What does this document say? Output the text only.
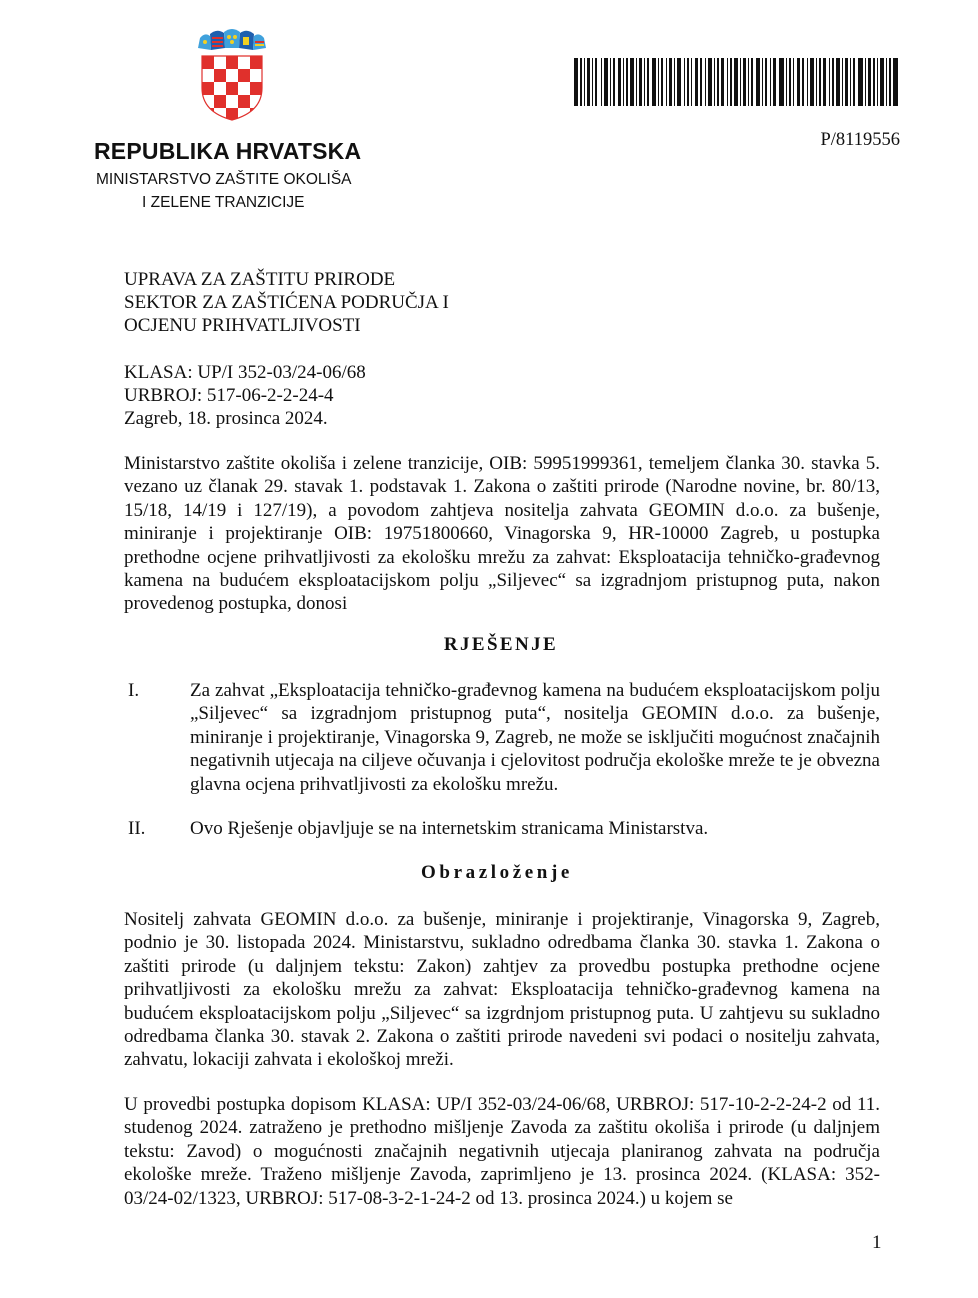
P/8119556
REPUBLIKA HRVATSKA
MINISTARSTVO ZAŠTITE OKOLIŠA
I ZELENE TRANZICIJE
UPRAVA ZA ZAŠTITU PRIRODE
SEKTOR ZA ZAŠTIĆENA PODRUČJA I
OCJENU PRIHVATLJIVOSTI
KLASA: UP/I 352-03/24-06/68
URBROJ: 517-06-2-2-24-4
Zagreb, 18. prosinca 2024.
Ministarstvo zaštite okoliša i zelene tranzicije, OIB: 59951999361, temeljem članka 30. stavka 5. vezano uz članak 29. stavak 1. podstavak 1. Zakona o zaštiti prirode (Narodne novine, br. 80/13, 15/18, 14/19 i 127/19), a povodom zahtjeva nositelja zahvata GEOMIN d.o.o. za bušenje, miniranje i projektiranje OIB: 19751800660, Vinagorska 9, HR-10000 Zagreb, u postupka prethodne ocjene prihvatljivosti za ekološku mrežu za zahvat: Eksploatacija tehničko-građevnog kamena na budućem eksploatacijskom polju „Siljevec“ sa izgradnjom pristupnog puta, nakon provedenog postupka, donosi
RJEŠENJE
I.	Za zahvat „Eksploatacija tehničko-građevnog kamena na budućem eksploatacijskom polju „Siljevec“ sa izgradnjom pristupnog puta“, nositelja GEOMIN d.o.o. za bušenje, miniranje i projektiranje, Vinagorska 9, Zagreb, ne može se isključiti mogućnost značajnih negativnih utjecaja na ciljeve očuvanja i cjelovitost područja ekološke mreže te je obvezna glavna ocjena prihvatljivosti za ekološku mrežu.
II. Ovo Rješenje objavljuje se na internetskim stranicama Ministarstva.
Obrazloženje
Nositelj zahvata GEOMIN d.o.o. za bušenje, miniranje i projektiranje, Vinagorska 9, Zagreb, podnio je 30. listopada 2024. Ministarstvu, sukladno odredbama članka 30. stavka 1. Zakona o zaštiti prirode (u daljnjem tekstu: Zakon) zahtjev za provedbu postupka prethodne ocjene prihvatljivosti za ekološku mrežu za zahvat: Eksploatacija tehničko-građevnog kamena na budućem eksploatacijskom polju „Siljevec“ sa izgrdnjom pristupnog puta. U zahtjevu su sukladno odredbama članka 30. stavak 2. Zakona o zaštiti prirode navedeni svi podaci o nositelju zahvata, zahvatu, lokaciji zahvata i ekološkoj mreži.
U provedbi postupka dopisom KLASA: UP/I 352-03/24-06/68, URBROJ: 517-10-2-2-24-2 od 11. studenog 2024. zatraženo je prethodno mišljenje Zavoda za zaštitu okoliša i prirode (u daljnjem tekstu: Zavod) o mogućnosti značajnih negativnih utjecaja planiranog zahvata na područja ekološke mreže. Traženo mišljenje Zavoda, zaprimljeno je 13. prosinca 2024. (KLASA: 352-03/24-02/1323, URBROJ: 517-08-3-2-1-24-2 od 13. prosinca 2024.) u kojem se
1
